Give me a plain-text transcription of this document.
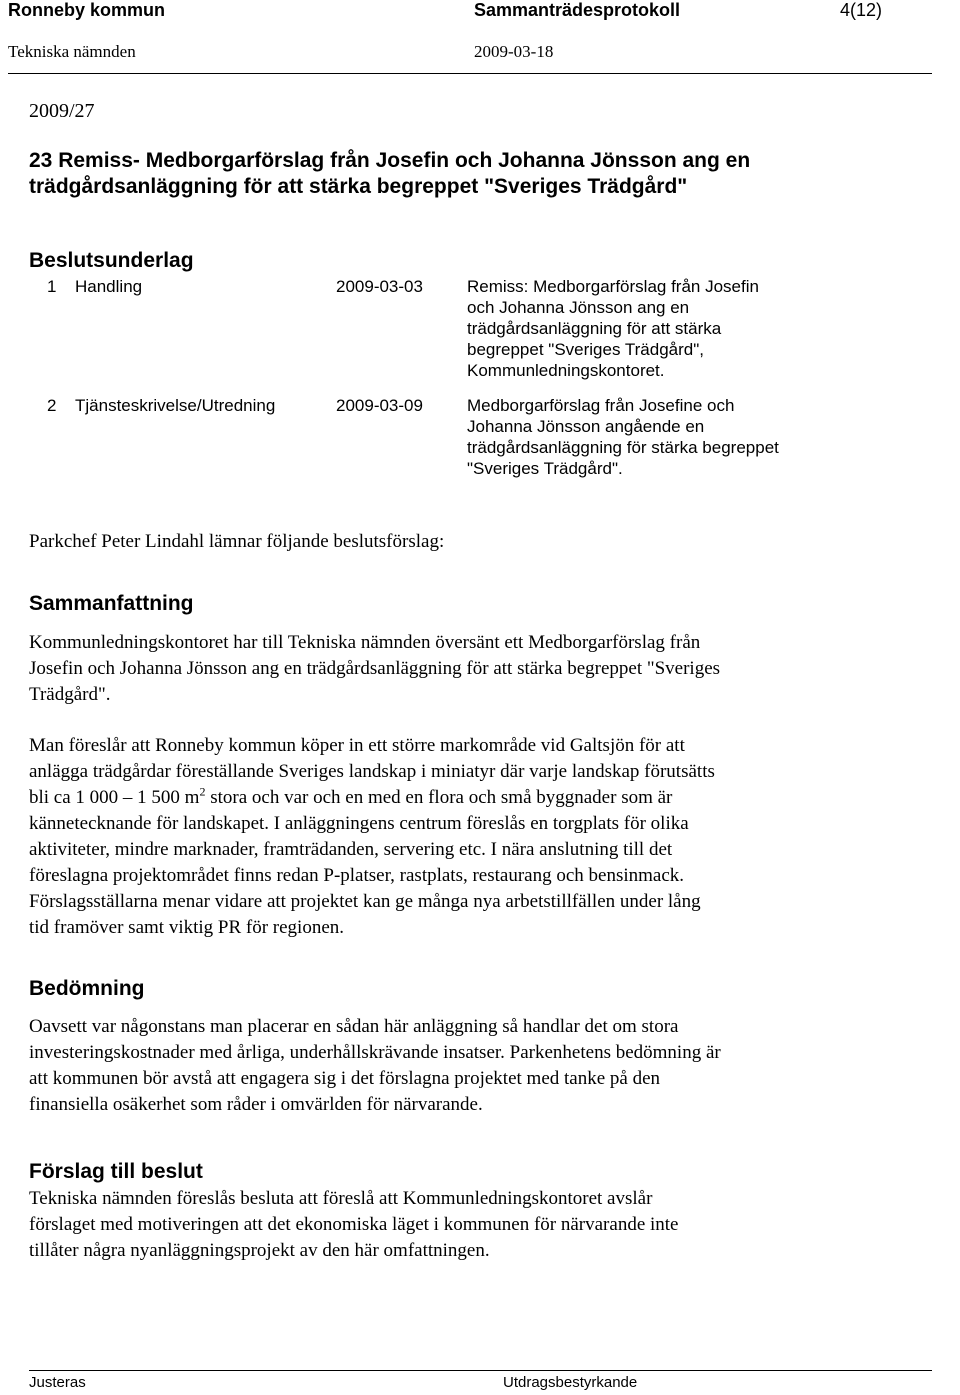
Ronneby kommun	Sammanträdesprotokoll	4(12)
Tekniska nämnden	2009-03-18
2009/27
23 Remiss- Medborgarförslag från Josefin och Johanna Jönsson ang en
trädgårdsanläggning för att stärka begreppet "Sveriges Trädgård"
Beslutsunderlag
1 Handling	2009-03-03	Remiss: Medborgarförslag från Josefin
och Johanna Jönsson ang en
trädgårdsanläggning för att stärka
begreppet "Sveriges Trädgård",
Kommunledningskontoret.
2 Tjänsteskrivelse/Utredning	2009-03-09	Medborgarförslag från Josefine och
Johanna Jönsson angående en
trädgårdsanläggning för stärka begreppet
"Sveriges Trädgård".
Parkchef Peter Lindahl lämnar följande beslutsförslag:
Sammanfattning
Kommunledningskontoret har till Tekniska nämnden översänt ett Medborgarförslag från
Josefin och Johanna Jönsson ang en trädgårdsanläggning för att stärka begreppet "Sveriges
Trädgård".
Man föreslår att Ronneby kommun köper in ett större markområde vid Galtsjön för att
anlägga trädgårdar föreställande Sveriges landskap i miniatyr där varje landskap förutsätts
bli ca 1 000 – 1 500 $m^2$ stora och var och en med en flora och små byggnader som är
kännetecknande för landskapet. I anläggningens centrum föreslås en torgplats för olika
aktiviteter, mindre marknader, framträdanden, servering etc. I nära anslutning till det
föreslagna projektområdet finns redan P-platser, rastplats, restaurang och bensinmack.
Förslagsställarna menar vidare att projektet kan ge många nya arbetstillfällen under lång
tid framöver samt viktig PR för regionen.
Bedömning
Oavsett var någonstans man placerar en sådan här anläggning så handlar det om stora
investeringskostnader med årliga, underhållskrävande insatser. Parkenhetens bedömning är
att kommunen bör avstå att engagera sig i det förslagna projektet med tanke på den
finansiella osäkerhet som råder i omvärlden för närvarande.
Förslag till beslut
Tekniska nämnden föreslås besluta att föreslå att Kommunledningskontoret avslår
förslaget med motiveringen att det ekonomiska läget i kommunen för närvarande inte
tillåter några nyanläggningsprojekt av den här omfattningen.
Justeras	Utdragsbestyrkande
